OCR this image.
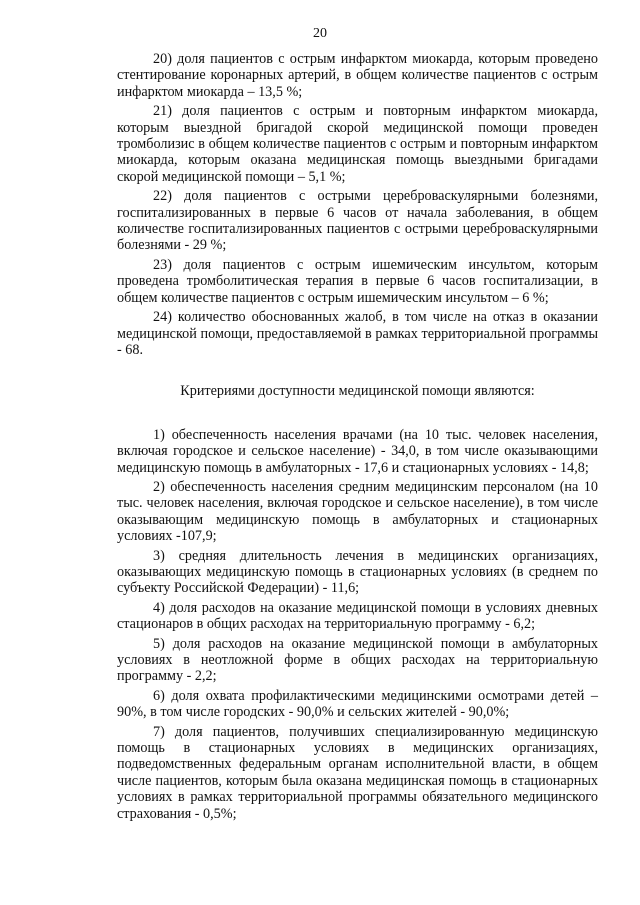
20

20) доля пациентов с острым инфарктом миокарда, которым проведено стентирование коронарных артерий, в общем количестве пациентов с острым инфарктом миокарда – 13,5 %;

21) доля пациентов с острым и повторным инфарктом миокарда, которым выездной бригадой скорой медицинской помощи проведен тромболизис в общем количестве пациентов с острым и повторным инфарктом миокарда, которым оказана медицинская помощь выездными бригадами скорой медицинской помощи – 5,1 %;

22) доля пациентов с острыми цереброваскулярными болезнями, госпитализированных в первые 6 часов от начала заболевания, в общем количестве госпитализированных пациентов с острыми цереброваскулярными болезнями - 29 %;

23) доля пациентов с острым ишемическим инсультом, которым проведена тромболитическая терапия в первые 6 часов госпитализации, в общем количестве пациентов с острым ишемическим инсультом – 6 %;

24) количество обоснованных жалоб, в том числе на отказ в оказании медицинской помощи, предоставляемой в рамках территориальной программы - 68.

Критериями доступности медицинской помощи являются:

1) обеспеченность населения врачами (на 10 тыс. человек населения, включая городское и сельское население) - 34,0, в том числе оказывающими медицинскую помощь в амбулаторных - 17,6 и стационарных условиях - 14,8;

2) обеспеченность населения средним медицинским персоналом (на 10 тыс. человек населения, включая городское и сельское население), в том числе оказывающим медицинскую помощь в амбулаторных и стационарных условиях -107,9;

3) средняя длительность лечения в медицинских организациях, оказывающих медицинскую помощь в стационарных условиях (в среднем по субъекту Российской Федерации) - 11,6;

4) доля расходов на оказание медицинской помощи в условиях дневных стационаров в общих расходах на территориальную программу - 6,2;

5) доля расходов на оказание медицинской помощи в амбулаторных условиях в неотложной форме в общих расходах на территориальную программу - 2,2;

6) доля охвата профилактическими медицинскими осмотрами детей – 90%, в том числе городских - 90,0% и сельских жителей - 90,0%;

7) доля пациентов, получивших специализированную медицинскую помощь в стационарных условиях в медицинских организациях, подведомственных федеральным органам исполнительной власти, в общем числе пациентов, которым была оказана медицинская помощь в стационарных условиях в рамках территориальной программы обязательного медицинского страхования - 0,5%;
